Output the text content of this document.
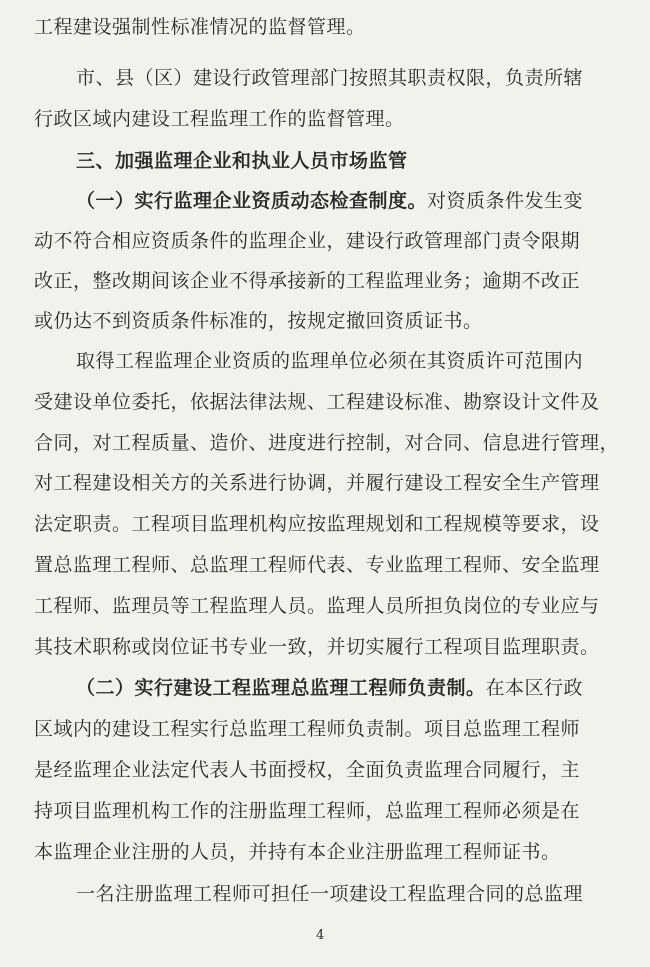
工程建设强制性标准情况的监督管理。
市、县（区）建设行政管理部门按照其职责权限，负责所辖
行政区域内建设工程监理工作的监督管理。
三、加强监理企业和执业人员市场监管
（一）实行监理企业资质动态检查制度。对资质条件发生变
动不符合相应资质条件的监理企业，建设行政管理部门责令限期
改正，整改期间该企业不得承接新的工程监理业务；逾期不改正
或仍达不到资质条件标准的，按规定撤回资质证书。
取得工程监理企业资质的监理单位必须在其资质许可范围内
受建设单位委托，依据法律法规、工程建设标准、勘察设计文件及
合同，对工程质量、造价、进度进行控制，对合同、信息进行管理，
对工程建设相关方的关系进行协调，并履行建设工程安全生产管理
法定职责。工程项目监理机构应按监理规划和工程规模等要求，设
置总监理工程师、总监理工程师代表、专业监理工程师、安全监理
工程师、监理员等工程监理人员。监理人员所担负岗位的专业应与
其技术职称或岗位证书专业一致，并切实履行工程项目监理职责。
（二）实行建设工程监理总监理工程师负责制。在本区行政
区域内的建设工程实行总监理工程师负责制。项目总监理工程师
是经监理企业法定代表人书面授权，全面负责监理合同履行，主
持项目监理机构工作的注册监理工程师，总监理工程师必须是在
本监理企业注册的人员，并持有本企业注册监理工程师证书。
一名注册监理工程师可担任一项建设工程监理合同的总监理
4
